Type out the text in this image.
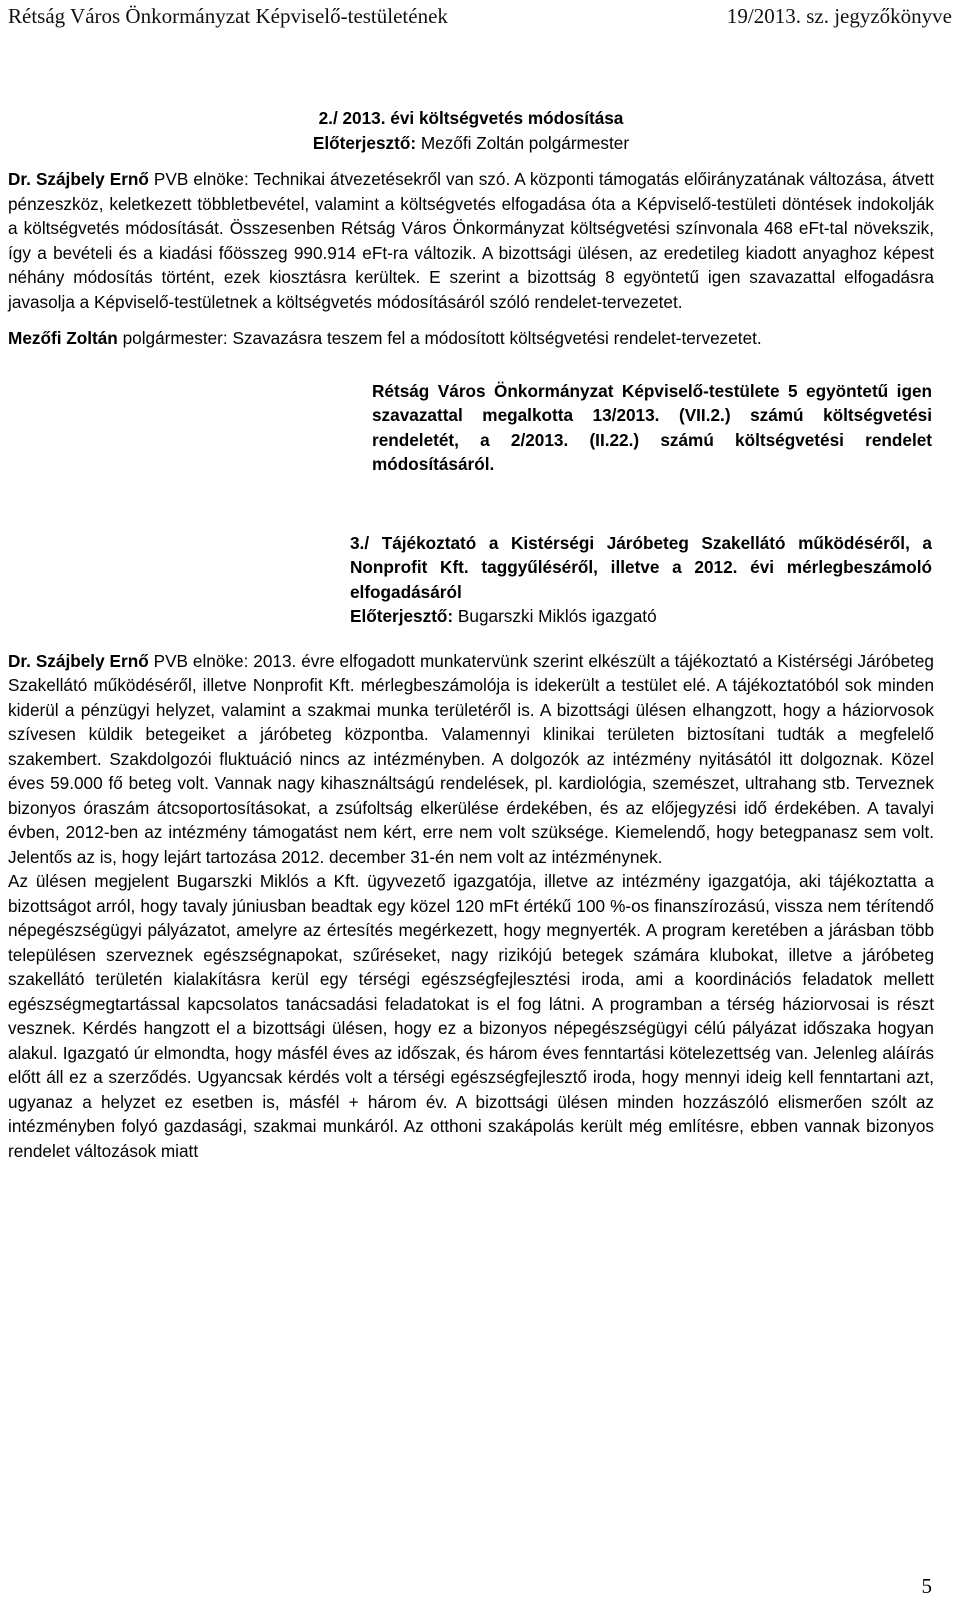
Rétság Város Önkormányzat Képviselő-testületének	19/2013. sz. jegyzőkönyve

2./ 2013. évi költségvetés módosítása

Előterjesztő: Mezőfi Zoltán polgármester

Dr. Szájbely Ernő PVB elnöke: Technikai átvezetésekről van szó. A központi támogatás előirányzatának változása, átvett pénzeszköz, keletkezett többletbevétel, valamint a költségvetés elfogadása óta a Képviselő-testületi döntések indokolják a költségvetés módosítását. Összesenben Rétság Város Önkormányzat költségvetési színvonala 468 eFt-tal növekszik, így a bevételi és a kiadási főösszeg 990.914 eFt-ra változik. A bizottsági ülésen, az eredetileg kiadott anyaghoz képest néhány módosítás történt, ezek kiosztásra kerültek. E szerint a bizottság 8 egyöntetű igen szavazattal elfogadásra javasolja a Képviselő-testületnek a költségvetés módosításáról szóló rendelet-tervezetet.

Mezőfi Zoltán polgármester: Szavazásra teszem fel a módosított költségvetési rendelet-tervezetet.

Rétság Város Önkormányzat Képviselő-testülete 5 egyöntetű igen szavazattal megalkotta 13/2013. (VII.2.) számú költségvetési rendeletét, a 2/2013. (II.22.) számú költségvetési rendelet módosításáról.

3./ Tájékoztató a Kistérségi Járóbeteg Szakellátó működéséről, a Nonprofit Kft. taggyűléséről, illetve a 2012. évi mérlegbeszámoló elfogadásáról

Előterjesztő: Bugarszki Miklós igazgató

Dr. Szájbely Ernő PVB elnöke: 2013. évre elfogadott munkatervünk szerint elkészült a tájékoztató a Kistérségi Járóbeteg Szakellátó működéséről, illetve Nonprofit Kft. mérlegbeszámolója is idekerült a testület elé. A tájékoztatóból sok minden kiderül a pénzügyi helyzet, valamint a szakmai munka területéről is. A bizottsági ülésen elhangzott, hogy a háziorvosok szívesen küldik betegeiket a járóbeteg központba. Valamennyi klinikai területen biztosítani tudták a megfelelő szakembert. Szakdolgozói fluktuáció nincs az intézményben. A dolgozók az intézmény nyitásától itt dolgoznak. Közel éves 59.000 fő beteg volt. Vannak nagy kihasználtságú rendelések, pl. kardiológia, szemészet, ultrahang stb. Terveznek bizonyos óraszám átcsoportosításokat, a zsúfoltság elkerülése érdekében, és az előjegyzési idő érdekében. A tavalyi évben, 2012-ben az intézmény támogatást nem kért, erre nem volt szüksége. Kiemelendő, hogy betegpanasz sem volt. Jelentős az is, hogy lejárt tartozása 2012. december 31-én nem volt az intézménynek.

Az ülésen megjelent Bugarszki Miklós a Kft. ügyvezető igazgatója, illetve az intézmény igazgatója, aki tájékoztatta a bizottságot arról, hogy tavaly júniusban beadtak egy közel 120 mFt értékű 100 %-os finanszírozású, vissza nem térítendő népegészségügyi pályázatot, amelyre az értesítés megérkezett, hogy megnyerték. A program keretében a járásban több településen szerveznek egészségnapokat, szűréseket, nagy rizikójú betegek számára klubokat, illetve a járóbeteg szakellátó területén kialakításra kerül egy térségi egészségfejlesztési iroda, ami a koordinációs feladatok mellett egészségmegtartással kapcsolatos tanácsadási feladatokat is el fog látni. A programban a térség háziorvosai is részt vesznek. Kérdés hangzott el a bizottsági ülésen, hogy ez a bizonyos népegészségügyi célú pályázat időszaka hogyan alakul. Igazgató úr elmondta, hogy másfél éves az időszak, és három éves fenntartási kötelezettség van. Jelenleg aláírás előtt áll ez a szerződés. Ugyancsak kérdés volt a térségi egészségfejlesztő iroda, hogy mennyi ideig kell fenntartani azt, ugyanaz a helyzet ez esetben is, másfél + három év. A bizottsági ülésen minden hozzászóló elismerően szólt az intézményben folyó gazdasági, szakmai munkáról. Az otthoni szakápolás került még említésre, ebben vannak bizonyos rendelet változások miatt

5
